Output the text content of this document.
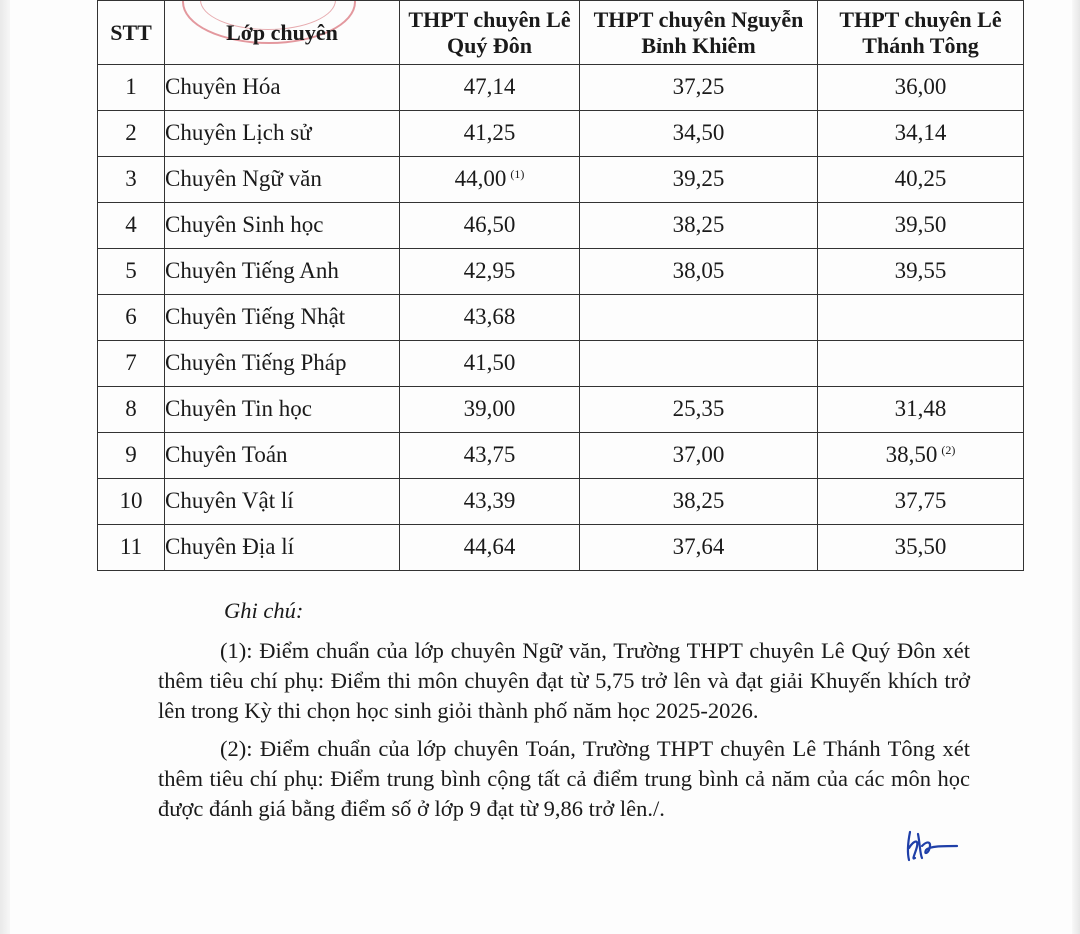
STT	Lớp chuyên	THPT chuyên Lê Quý Đôn	THPT chuyên Nguyễn Bỉnh Khiêm	THPT chuyên Lê Thánh Tông
1	Chuyên Hóa	47,14	37,25	36,00
2	Chuyên Lịch sử	41,25	34,50	34,14
3	Chuyên Ngữ văn	44,00 $^{(1)}$	39,25	40,25
4	Chuyên Sinh học	46,50	38,25	39,50
5	Chuyên Tiếng Anh	42,95	38,05	39,55
6	Chuyên Tiếng Nhật	43,68		
7	Chuyên Tiếng Pháp	41,50		
8	Chuyên Tin học	39,00	25,35	31,48
9	Chuyên Toán	43,75	37,00	38,50 $^{(2)}$
10	Chuyên Vật lí	43,39	38,25	37,75
11	Chuyên Địa lí	44,64	37,64	35,50
Ghi chú:

(1): Điểm chuẩn của lớp chuyên Ngữ văn, Trường THPT chuyên Lê Quý Đôn xét thêm tiêu chí phụ: Điểm thi môn chuyên đạt từ 5,75 trở lên và đạt giải Khuyến khích trở lên trong Kỳ thi chọn học sinh giỏi thành phố năm học 2025-2026.

(2): Điểm chuẩn của lớp chuyên Toán, Trường THPT chuyên Lê Thánh Tông xét thêm tiêu chí phụ: Điểm trung bình cộng tất cả điểm trung bình cả năm của các môn học được đánh giá bằng điểm số ở lớp 9 đạt từ 9,86 trở lên./.
